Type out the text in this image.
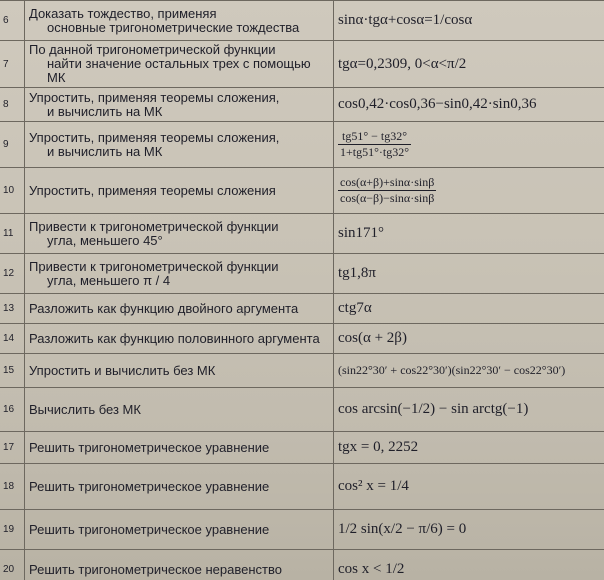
6	Доказать тождество, применяя
основные тригонометрические тождества	sinα·tgα+cosα=1/cosα
7	По данной тригонометрической функции
найти значение остальных трех с помощью МК	tgα=0,2309, 0<α<π/2
8	Упростить, применяя теоремы сложения,
и вычислить на МК	cos0,42·cos0,36−sin0,42·sin0,36
9	Упростить, применяя теоремы сложения,
и вычислить на МК	$\frac{tg51^\circ - tg32^\circ}{1+tg51^\circ\cdot tg32^\circ}$

10	Упростить, применяя теоремы сложения	$\frac{\cos(\alpha+\beta)+\sin\alpha\cdot\sin\beta}{\cos(\alpha-\beta)-\sin\alpha\cdot\sin\beta}$

11	Привести к тригонометрической функции
угла, меньшего 45°	sin171°
12	Привести к тригонометрической функции
угла, меньшего π / 4	tg1,8π
13	Разложить как функцию двойного аргумента	ctg7α
14	Разложить как функцию половинного аргумента	cos(α + 2β)
15	Упростить и вычислить без МК	(sin22°30′ + cos22°30′)(sin22°30′ − cos22°30′)
16	Вычислить без МК	cos arcsin(−1/2) − sin arctg(−1)
17	Решить тригонометрическое уравнение	tgx = 0, 2252
18	Решить тригонометрическое уравнение	cos² x = 1/4
19	Решить тригонометрическое уравнение	1/2 sin(x/2 − π/6) = 0
20	Решить тригонометрическое неравенство	cos x < 1/2
